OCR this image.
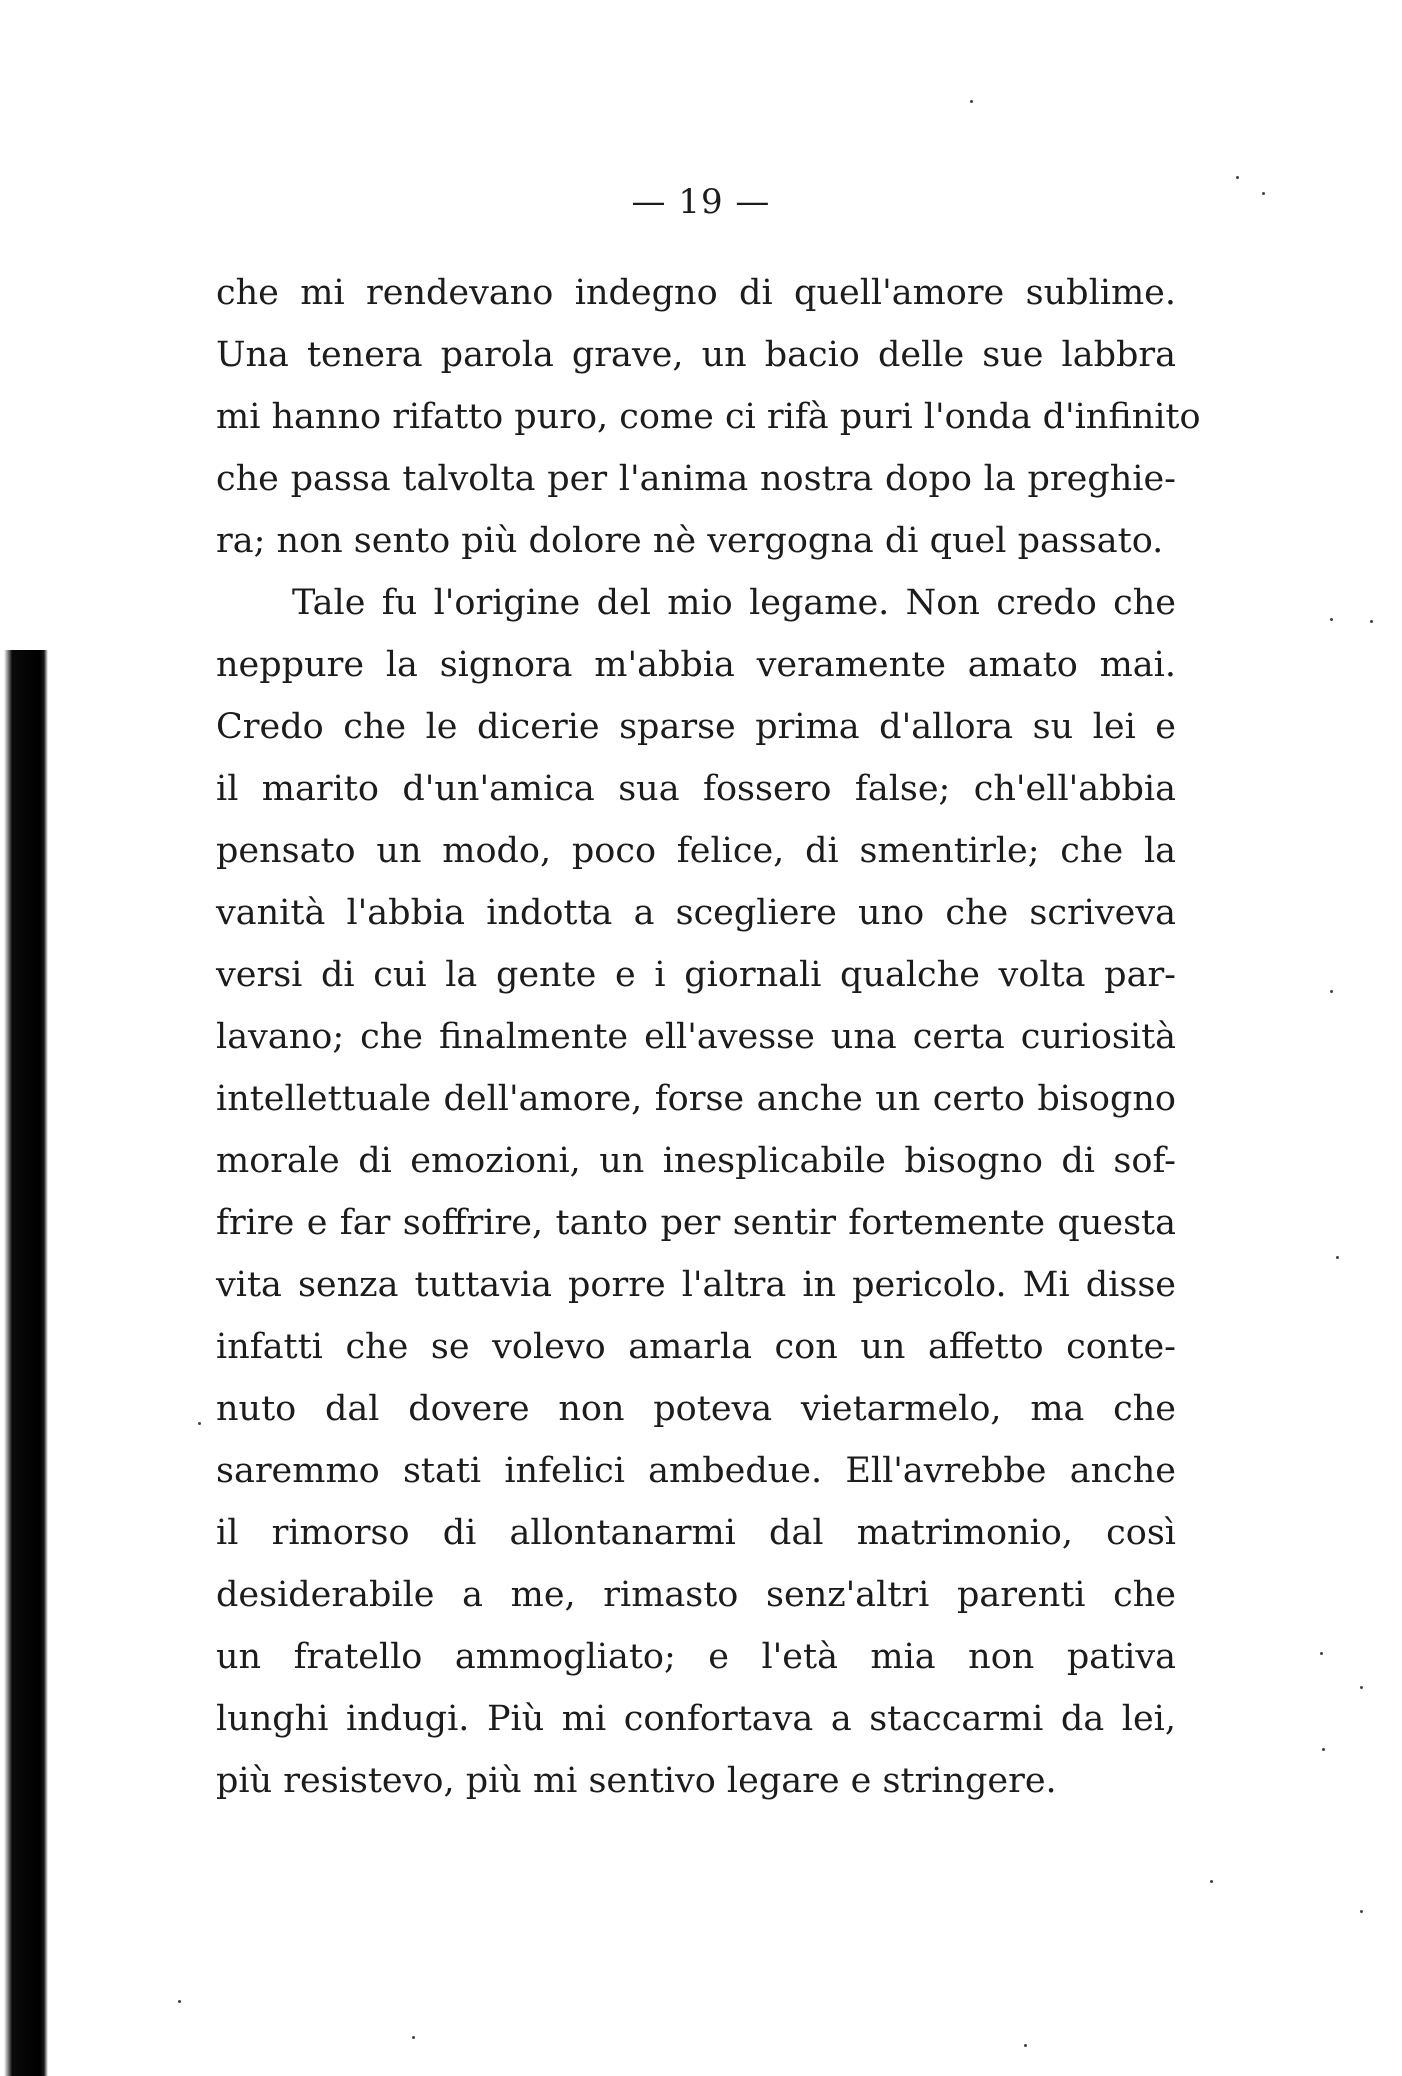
— 19 —
che mi rendevano indegno di quell'amore sublime.
Una tenera parola grave, un bacio delle sue labbra
mi hanno rifatto puro, come ci rifà puri l'onda d'infinito
che passa talvolta per l'anima nostra dopo la preghie-
ra; non sento più dolore nè vergogna di quel passato.
Tale fu l'origine del mio legame. Non credo che
neppure la signora m'abbia veramente amato mai.
Credo che le dicerie sparse prima d'allora su lei e
il marito d'un'amica sua fossero false; ch'ell'abbia
pensato un modo, poco felice, di smentirle; che la
vanità l'abbia indotta a scegliere uno che scriveva
versi di cui la gente e i giornali qualche volta par-
lavano; che finalmente ell'avesse una certa curiosità
intellettuale dell'amore, forse anche un certo bisogno
morale di emozioni, un inesplicabile bisogno di sof-
frire e far soffrire, tanto per sentir fortemente questa
vita senza tuttavia porre l'altra in pericolo. Mi disse
infatti che se volevo amarla con un affetto conte-
nuto dal dovere non poteva vietarmelo, ma che
saremmo stati infelici ambedue. Ell'avrebbe anche
il rimorso di allontanarmi dal matrimonio, così
desiderabile a me, rimasto senz'altri parenti che
un fratello ammogliato; e l'età mia non pativa
lunghi indugi. Più mi confortava a staccarmi da lei,
più resistevo, più mi sentivo legare e stringere.
